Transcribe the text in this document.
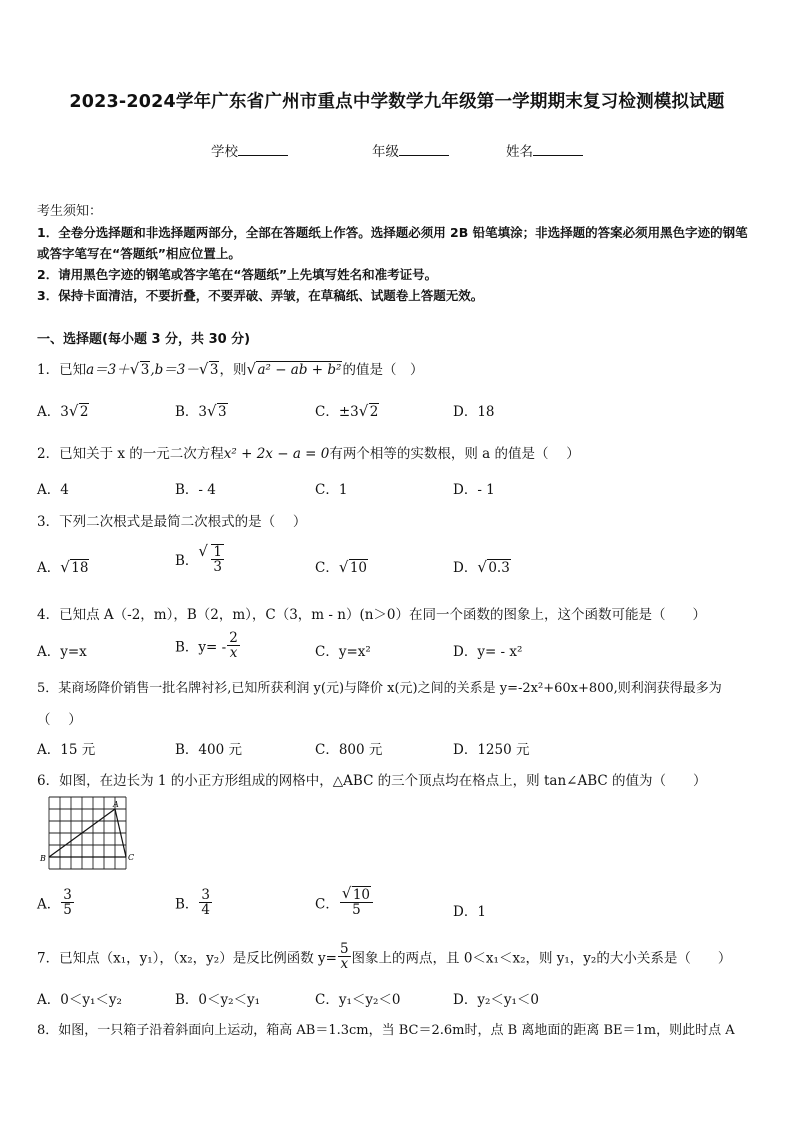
2023-2024学年广东省广州市重点中学数学九年级第一学期期末复习检测模拟试题
学校	年级	姓名
考生须知：
1．全卷分选择题和非选择题两部分，全部在答题纸上作答。选择题必须用 2B 铅笔填涂；非选择题的答案必须用黑色字迹的钢笔或答字笔写在“答题纸”相应位置上。
2．请用黑色字迹的钢笔或答字笔在“答题纸”上先填写姓名和准考证号。
3．保持卡面清洁，不要折叠，不要弄破、弄皱，在草稿纸、试题卷上答题无效。
一、选择题(每小题 3 分，共 30 分)
1．已知a＝3＋ √ 3,b＝3－ √ 3，则 √ a² − ab + b²的值是（　）
A．3 √ 2	B．3 √ 3	C．±3 √ 2	D．18
2．已知关于 x 的一元二次方程x² + 2x − a = 0有两个相等的实数根，则 a 的值是（　 ）
A．4	B．- 4	C．1	D．- 1
3．下列二次根式是最简二次根式的是（　 ）
A． √ 18	B． √ $\frac{1}{3}$	C． √ 10	D． √ 0.3
4．已知点 A（-2，m），B（2，m），C（3，m - n）(n＞0）在同一个函数的图象上，这个函数可能是（　　）
A．y=x	B．$y= - \frac{2}{x}$	C．y=x²	D．y= - x²
5．某商场降价销售一批名牌衬衫,已知所获利润 y(元)与降价 x(元)之间的关系是 y=-2x²+60x+800,则利润获得最多为
（　 ）
A．15 元	B．400 元	C．800 元	D．1250 元
6．如图，在边长为 1 的小正方形组成的网格中，△ABC 的三个顶点均在格点上，则 tan∠ABC 的值为（　　）
A
B	C
A． $\frac{3}{5}$	B． $\frac{3}{4}$	C． √ $\frac{10}{5}$	D．1
7．已知点（x₁，y₁），（x₂，y₂）是反比例函数 $y= \frac{5}{x}$ 图象上的两点，且 0＜x₁＜x₂，则 y₁，y₂的大小关系是（　　）
A．0＜y₁＜y₂	B．0＜y₂＜y₁	C．y₁＜y₂＜0	D．y₂＜y₁＜0
8．如图，一只箱子沿着斜面向上运动，箱高 AB＝1.3cm，当 BC＝2.6m时，点 B 离地面的距离 BE＝1m，则此时点 A
